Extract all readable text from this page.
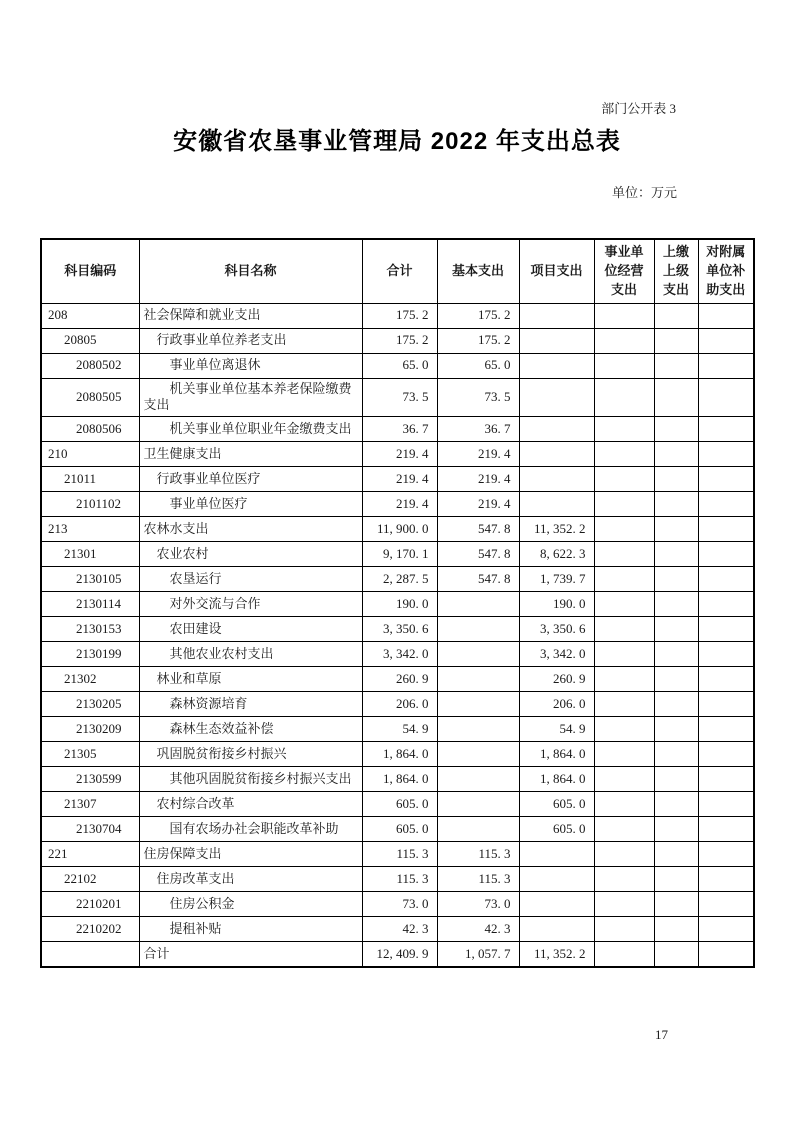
部门公开表 3
安徽省农垦事业管理局 2022 年支出总表
单位：万元
科目编码	科目名称	合计	基本支出	项目支出	事业单位经营支出	上缴上级支出	对附属单位补助支出
208	社会保障和就业支出	175. 2	175. 2				
20805	行政事业单位养老支出	175. 2	175. 2				
2080502	事业单位离退休	65. 0	65. 0				
2080505	机关事业单位基本养老保险缴费支出	73. 5	73. 5				
2080506	机关事业单位职业年金缴费支出	36. 7	36. 7				
210	卫生健康支出	219. 4	219. 4				
21011	行政事业单位医疗	219. 4	219. 4				
2101102	事业单位医疗	219. 4	219. 4				
213	农林水支出	11, 900. 0	547. 8	11, 352. 2			
21301	农业农村	9, 170. 1	547. 8	8, 622. 3			
2130105	农垦运行	2, 287. 5	547. 8	1, 739. 7			
2130114	对外交流与合作	190. 0		190. 0			
2130153	农田建设	3, 350. 6		3, 350. 6			
2130199	其他农业农村支出	3, 342. 0		3, 342. 0			
21302	林业和草原	260. 9		260. 9			
2130205	森林资源培育	206. 0		206. 0			
2130209	森林生态效益补偿	54. 9		54. 9			
21305	巩固脱贫衔接乡村振兴	1, 864. 0		1, 864. 0			
2130599	其他巩固脱贫衔接乡村振兴支出	1, 864. 0		1, 864. 0			
21307	农村综合改革	605. 0		605. 0			
2130704	国有农场办社会职能改革补助	605. 0		605. 0			
221	住房保障支出	115. 3	115. 3				
22102	住房改革支出	115. 3	115. 3				
2210201	住房公积金	73. 0	73. 0				
2210202	提租补贴	42. 3	42. 3				
	合计	12, 409. 9	1, 057. 7	11, 352. 2			
17
